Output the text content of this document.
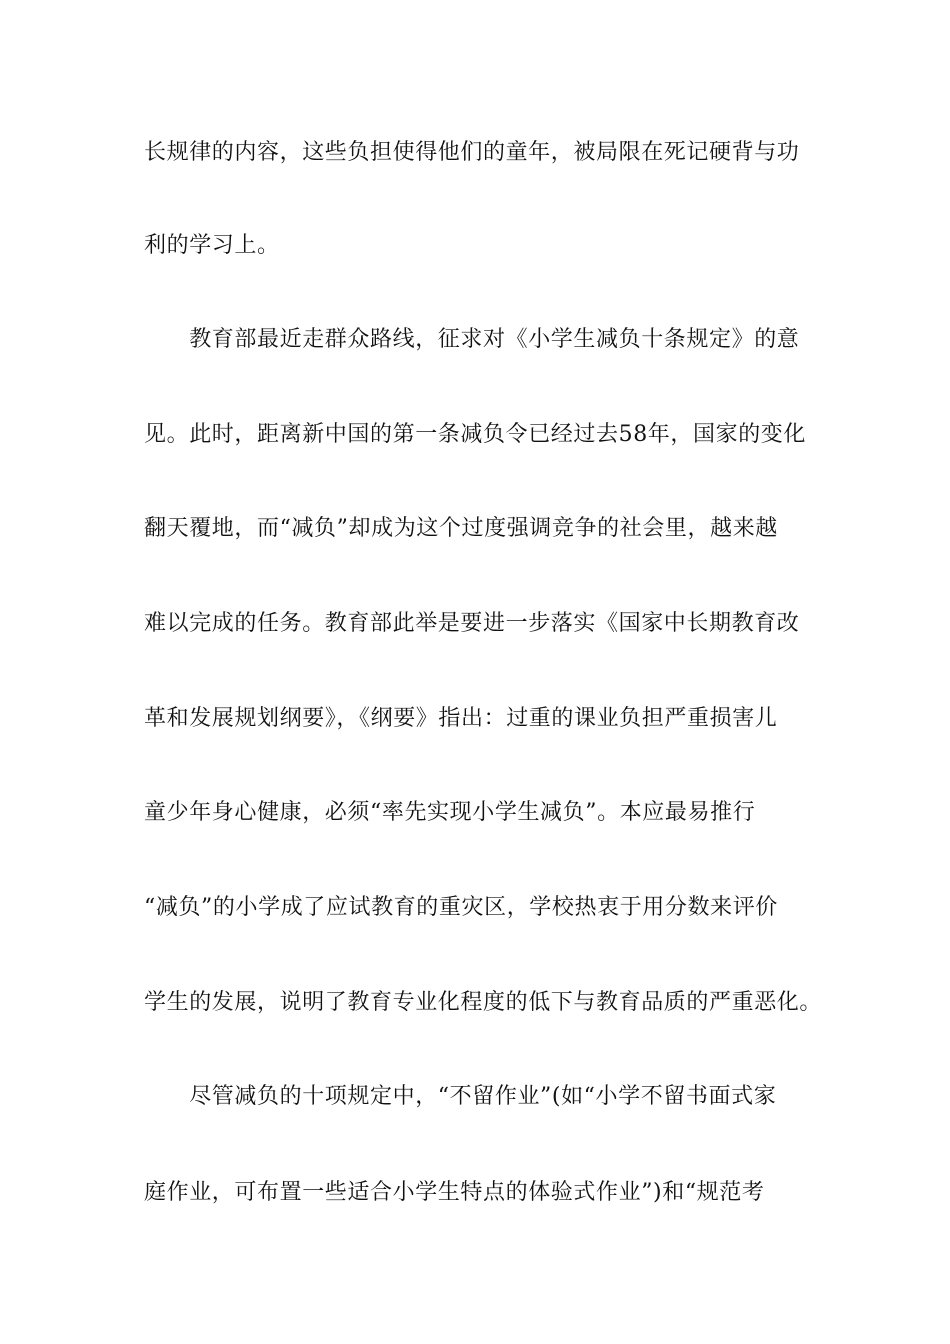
长规律的内容，这些负担使得他们的童年，被局限在死记硬背与功
利的学习上。
　　教育部最近走群众路线，征求对《小学生减负十条规定》的意
见。此时，距离新中国的第一条减负令已经过去58年，国家的变化
翻天覆地，而“减负”却成为这个过度强调竞争的社会里，越来越
难以完成的任务。教育部此举是要进一步落实《国家中长期教育改
革和发展规划纲要》，《纲要》指出：过重的课业负担严重损害儿
童少年身心健康，必须“率先实现小学生减负”。本应最易推行
“减负”的小学成了应试教育的重灾区，学校热衷于用分数来评价
学生的发展，说明了教育专业化程度的低下与教育品质的严重恶化。
　　尽管减负的十项规定中，“不留作业”(如“小学不留书面式家
庭作业，可布置一些适合小学生特点的体验式作业”)和“规范考
